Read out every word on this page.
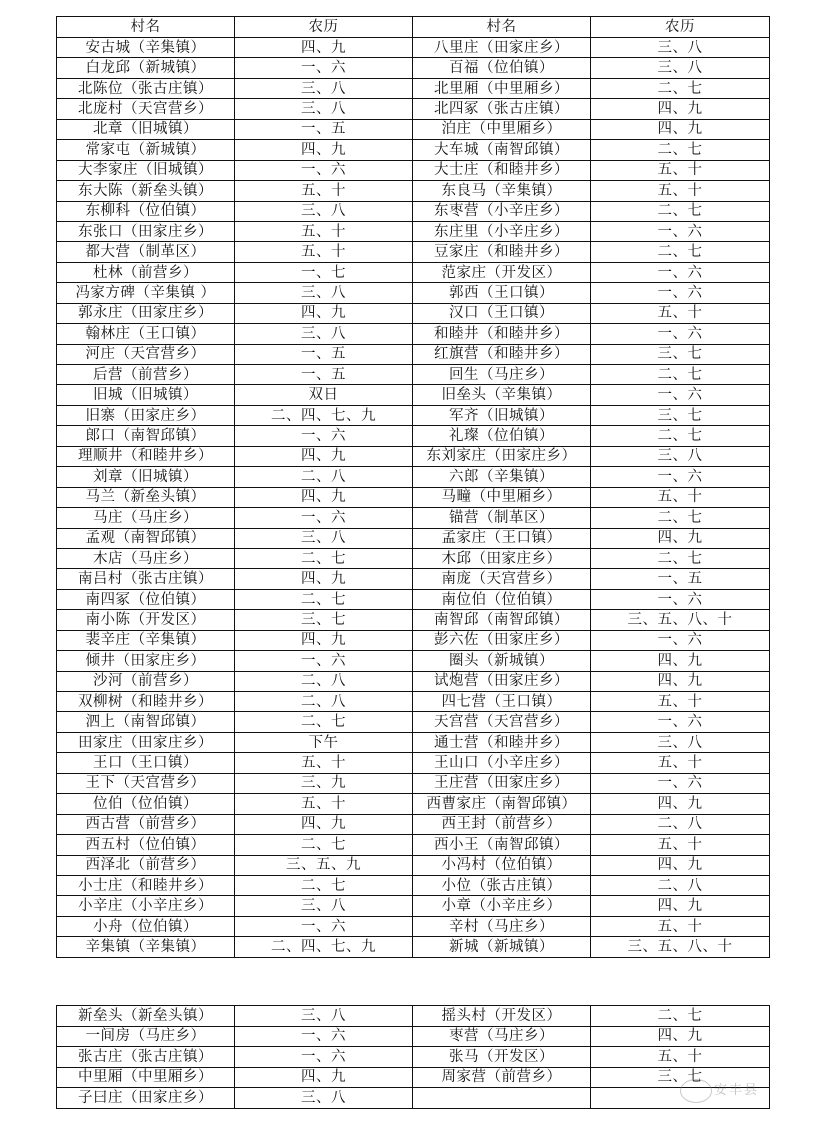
村名	农历	村名	农历
安古城（辛集镇）	四、九	八里庄（田家庄乡）	三、八
白龙邱（新城镇）	一、六	百福（位伯镇）	三、八
北陈位（张古庄镇）	三、八	北里厢（中里厢乡）	二、七
北庞村（天宫营乡）	三、八	北四冢（张古庄镇）	四、九
北章（旧城镇）	一、五	泊庄（中里厢乡）	四、九
常家屯（新城镇）	四、九	大车城（南智邱镇）	二、七
大李家庄（旧城镇）	一、六	大士庄（和睦井乡）	五、十
东大陈（新垒头镇）	五、十	东良马（辛集镇）	五、十
东柳科（位伯镇）	三、八	东枣营（小辛庄乡）	二、七
东张口（田家庄乡）	五、十	东庄里（小辛庄乡）	一、六
都大营（制革区）	五、十	豆家庄（和睦井乡）	二、七
杜林（前营乡）	一、七	范家庄（开发区）	一、六
冯家方碑（辛集镇 ）	三、八	郭西（王口镇）	一、六
郭永庄（田家庄乡）	四、九	汉口（王口镇）	五、十
翰林庄（王口镇）	三、八	和睦井（和睦井乡）	一、六
河庄（天宫营乡）	一、五	红旗营（和睦井乡）	三、七
后营（前营乡）	一、五	回生（马庄乡）	二、七
旧城（旧城镇）	双日	旧垒头（辛集镇）	一、六
旧寨（田家庄乡）	二、四、七、九	军齐（旧城镇）	三、七
郎口（南智邱镇）	一、六	礼璨（位伯镇）	二、七
理顺井（和睦井乡）	四、九	东刘家庄（田家庄乡）	三、八
刘章（旧城镇）	二、八	六郎（辛集镇）	一、六
马兰（新垒头镇）	四、九	马疃（中里厢乡）	五、十
马庄（马庄乡）	一、六	锚营（制革区）	二、七
孟观（南智邱镇）	三、八	孟家庄（王口镇）	四、九
木店（马庄乡）	二、七	木邱（田家庄乡）	二、七
南吕村（张古庄镇）	四、九	南庞（天宫营乡）	一、五
南四冢（位伯镇）	二、七	南位伯（位伯镇）	一、六
南小陈（开发区）	三、七	南智邱（南智邱镇）	三、五、八、十
裴辛庄（辛集镇）	四、九	彭六佐（田家庄乡）	一、六
倾井（田家庄乡）	一、六	圈头（新城镇）	四、九
沙河（前营乡）	二、八	试炮营（田家庄乡）	四、九
双柳树（和睦井乡）	二、八	四七营（王口镇）	五、十
泗上（南智邱镇）	二、七	天宫营（天宫营乡）	一、六
田家庄（田家庄乡）	下午	通士营（和睦井乡）	三、八
王口（王口镇）	五、十	王山口（小辛庄乡）	五、十
王下（天宫营乡）	三、九	王庄营（田家庄乡）	一、六
位伯（位伯镇）	五、十	西曹家庄（南智邱镇）	四、九
西古营（前营乡）	四、九	西王封（前营乡）	二、八
西五村（位伯镇）	二、七	西小王（南智邱镇）	五、十
西泽北（前营乡）	三、五、九	小冯村（位伯镇）	四、九
小士庄（和睦井乡）	二、七	小位（张古庄镇）	二、八
小辛庄（小辛庄乡）	三、八	小章（小辛庄乡）	四、九
小舟（位伯镇）	一、六	辛村（马庄乡）	五、十
辛集镇（辛集镇）	二、四、七、九	新城（新城镇）	三、五、八、十
新垒头（新垒头镇）	三、八	摇头村（开发区）	二、七
一间房（马庄乡）	一、六	枣营（马庄乡）	四、九
张古庄（张古庄镇）	一、六	张马（开发区）	五、十
中里厢（中里厢乡）	四、九	周家营（前营乡）	三、七
子曰庄（田家庄乡）	三、八			安丰县
